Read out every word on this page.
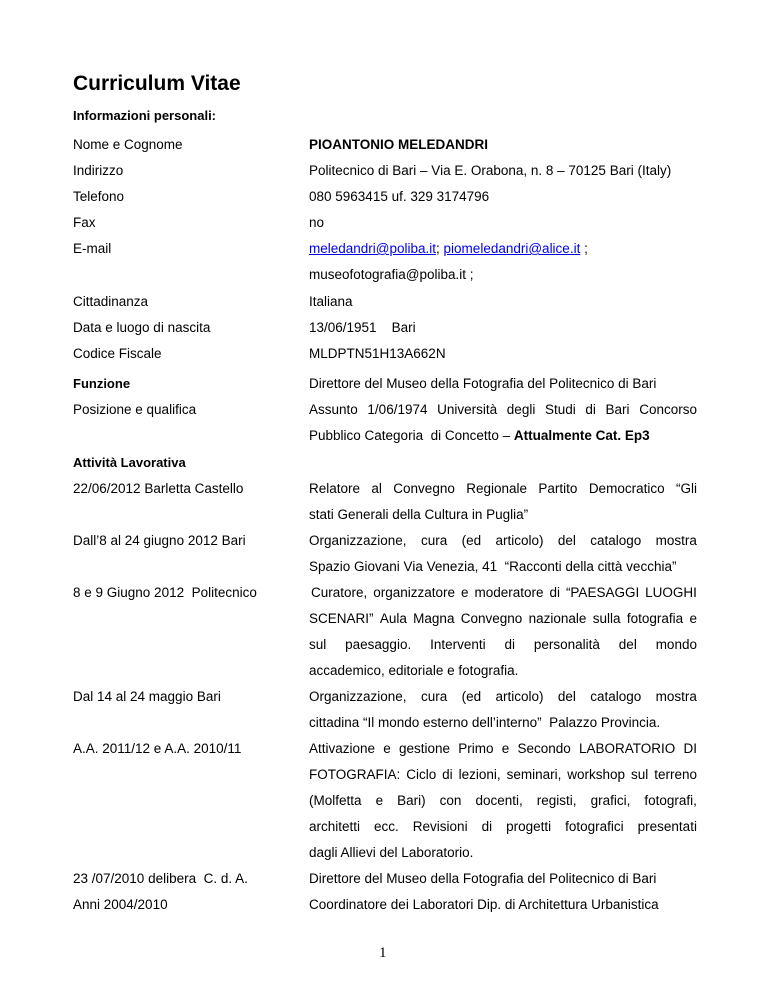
Curriculum Vitae
Informazioni personali:
Nome e Cognome	PIOANTONIO MELEDANDRI
Indirizzo	Politecnico di Bari – Via E. Orabona, n. 8 – 70125 Bari (Italy)
Telefono	080 5963415 uf. 329 3174796
Fax	no
E-mail	meledandri@poliba.it; piomeledandri@alice.it ;
museofotografia@poliba.it ;
Cittadinanza	Italiana
Data e luogo di nascita	13/06/1951    Bari
Codice Fiscale	MLDPTN51H13A662N
Funzione	Direttore del Museo della Fotografia del Politecnico di Bari
Posizione e qualifica	Assunto 1/06/1974 Università degli Studi di Bari Concorso
Pubblico Categoria  di Concetto – Attualmente Cat. Ep3
Attività Lavorativa
22/06/2012 Barletta Castello	Relatore al Convegno Regionale Partito Democratico “Gli
stati Generali della Cultura in Puglia”
Dall’8 al 24 giugno 2012 Bari	Organizzazione, cura (ed articolo) del catalogo mostra
Spazio Giovani Via Venezia, 41  “Racconti della città vecchia”
8 e 9 Giugno 2012  Politecnico	Curatore, organizzatore e moderatore di “PAESAGGI LUOGHI
SCENARI” Aula Magna Convegno nazionale sulla fotografia e
sul paesaggio. Interventi di personalità del mondo
accademico, editoriale e fotografia.
Dal 14 al 24 maggio Bari	Organizzazione, cura (ed articolo) del catalogo mostra
cittadina “Il mondo esterno dell’interno”  Palazzo Provincia.
A.A. 2011/12 e A.A. 2010/11	Attivazione e gestione Primo e Secondo LABORATORIO DI
FOTOGRAFIA: Ciclo di lezioni, seminari, workshop sul terreno
(Molfetta e Bari) con docenti, registi, grafici, fotografi,
architetti ecc. Revisioni di progetti fotografici presentati
dagli Allievi del Laboratorio.
23 /07/2010 delibera  C. d. A.	Direttore del Museo della Fotografia del Politecnico di Bari
Anni 2004/2010	Coordinatore dei Laboratori Dip. di Architettura Urbanistica
1
